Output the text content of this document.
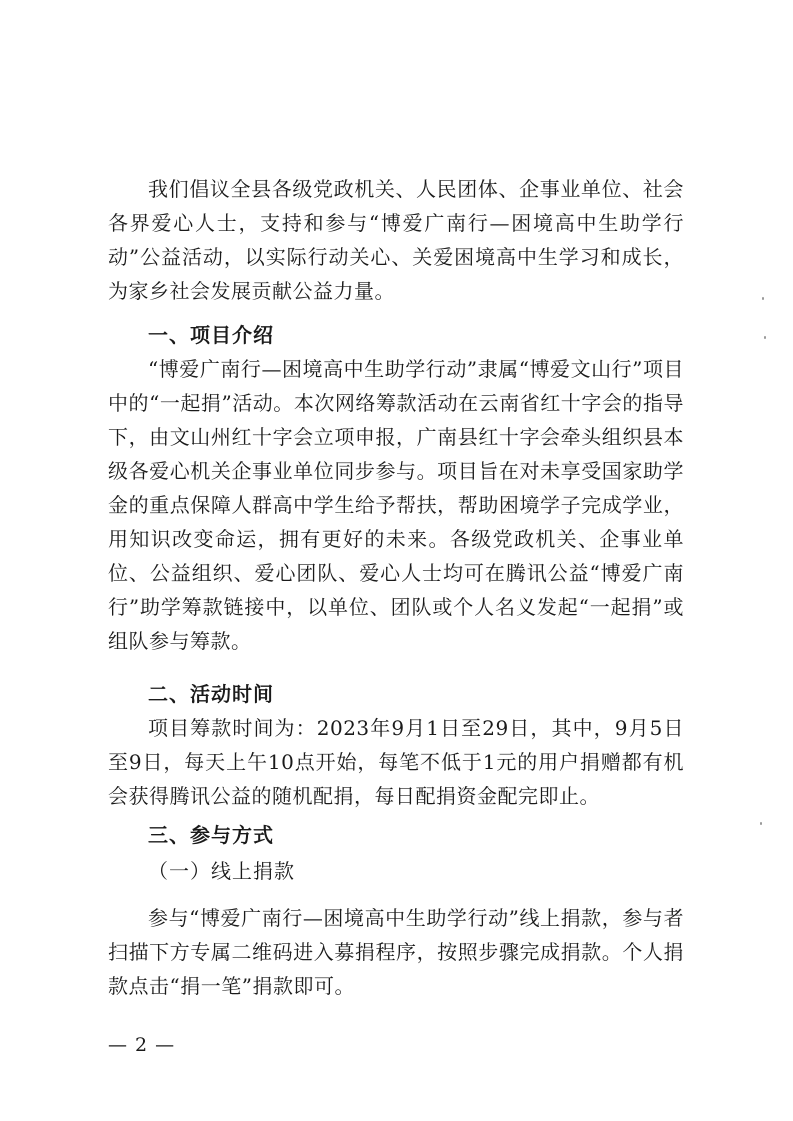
我们倡议全县各级党政机关、人民团体、企事业单位、社会各界爱心人士，支持和参与“博爱广南行—困境高中生助学行动”公益活动，以实际行动关心、关爱困境高中生学习和成长，为家乡社会发展贡献公益力量。

一、项目介绍

“博爱广南行—困境高中生助学行动”隶属“博爱文山行”项目中的“一起捐”活动。本次网络筹款活动在云南省红十字会的指导下，由文山州红十字会立项申报，广南县红十字会牵头组织县本级各爱心机关企事业单位同步参与。项目旨在对未享受国家助学金的重点保障人群高中学生给予帮扶，帮助困境学子完成学业，用知识改变命运，拥有更好的未来。各级党政机关、企事业单位、公益组织、爱心团队、爱心人士均可在腾讯公益“博爱广南行”助学筹款链接中，以单位、团队或个人名义发起“一起捐”或组队参与筹款。

二、活动时间

项目筹款时间为：2023年9月1日至29日，其中，9月5日至9日，每天上午10点开始，每笔不低于1元的用户捐赠都有机会获得腾讯公益的随机配捐，每日配捐资金配完即止。

三、参与方式

（一）线上捐款

参与“博爱广南行—困境高中生助学行动”线上捐款，参与者扫描下方专属二维码进入募捐程序，按照步骤完成捐款。个人捐款点击“捐一笔”捐款即可。

— 2 —
